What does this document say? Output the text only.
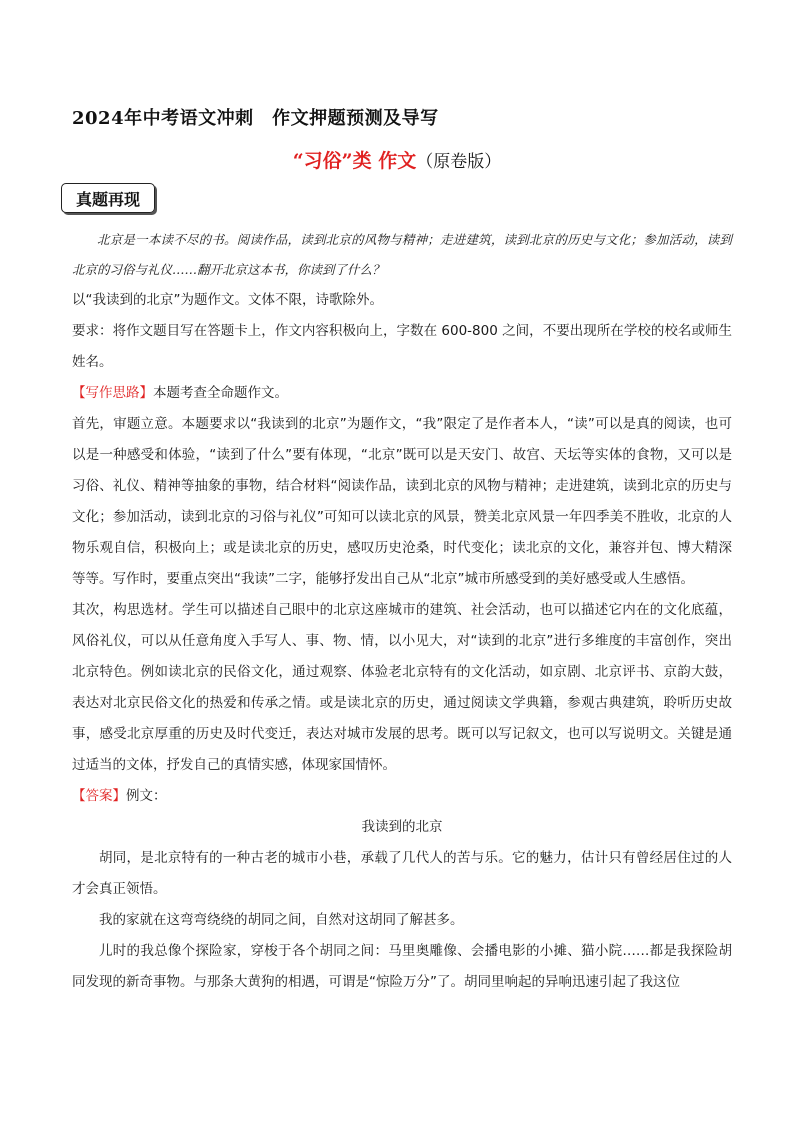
2024年中考语文冲刺　作文押题预测及导写
“习俗”类 作文（原卷版）
真题再现

北京是一本读不尽的书。阅读作品，读到北京的风物与精神；走进建筑，读到北京的历史与文化；参加活动，读到北京的习俗与礼仪……翻开北京这本书，你读到了什么？

以“我读到的北京”为题作文。文体不限，诗歌除外。

要求：将作文题目写在答题卡上，作文内容积极向上，字数在 600-800 之间，不要出现所在学校的校名或师生姓名。

【写作思路】本题考查全命题作文。

首先，审题立意。本题要求以“我读到的北京”为题作文，“我”限定了是作者本人，“读”可以是真的阅读，也可以是一种感受和体验，“读到了什么”要有体现，“北京”既可以是天安门、故宫、天坛等实体的食物，又可以是习俗、礼仪、精神等抽象的事物，结合材料“阅读作品，读到北京的风物与精神；走进建筑，读到北京的历史与文化；参加活动，读到北京的习俗与礼仪”可知可以读北京的风景，赞美北京风景一年四季美不胜收，北京的人物乐观自信，积极向上；或是读北京的历史，感叹历史沧桑，时代变化；读北京的文化，兼容并包、博大精深等等。写作时，要重点突出“我读”二字，能够抒发出自己从“北京”城市所感受到的美好感受或人生感悟。

其次，构思选材。学生可以描述自己眼中的北京这座城市的建筑、社会活动，也可以描述它内在的文化底蕴，风俗礼仪，可以从任意角度入手写人、事、物、情，以小见大，对“读到的北京”进行多维度的丰富创作，突出北京特色。例如读北京的民俗文化，通过观察、体验老北京特有的文化活动，如京剧、北京评书、京韵大鼓，表达对北京民俗文化的热爱和传承之情。或是读北京的历史，通过阅读文学典籍，参观古典建筑，聆听历史故事，感受北京厚重的历史及时代变迁，表达对城市发展的思考。既可以写记叙文，也可以写说明文。关键是通过适当的文体，抒发自己的真情实感，体现家国情怀。

【答案】例文：

我读到的北京

胡同，是北京特有的一种古老的城市小巷，承载了几代人的苦与乐。它的魅力，估计只有曾经居住过的人才会真正领悟。

我的家就在这弯弯绕绕的胡同之间，自然对这胡同了解甚多。

儿时的我总像个探险家，穿梭于各个胡同之间：马里奥雕像、会播电影的小摊、猫小院……都是我探险胡同发现的新奇事物。与那条大黄狗的相遇，可谓是“惊险万分”了。胡同里响起的异响迅速引起了我这位
